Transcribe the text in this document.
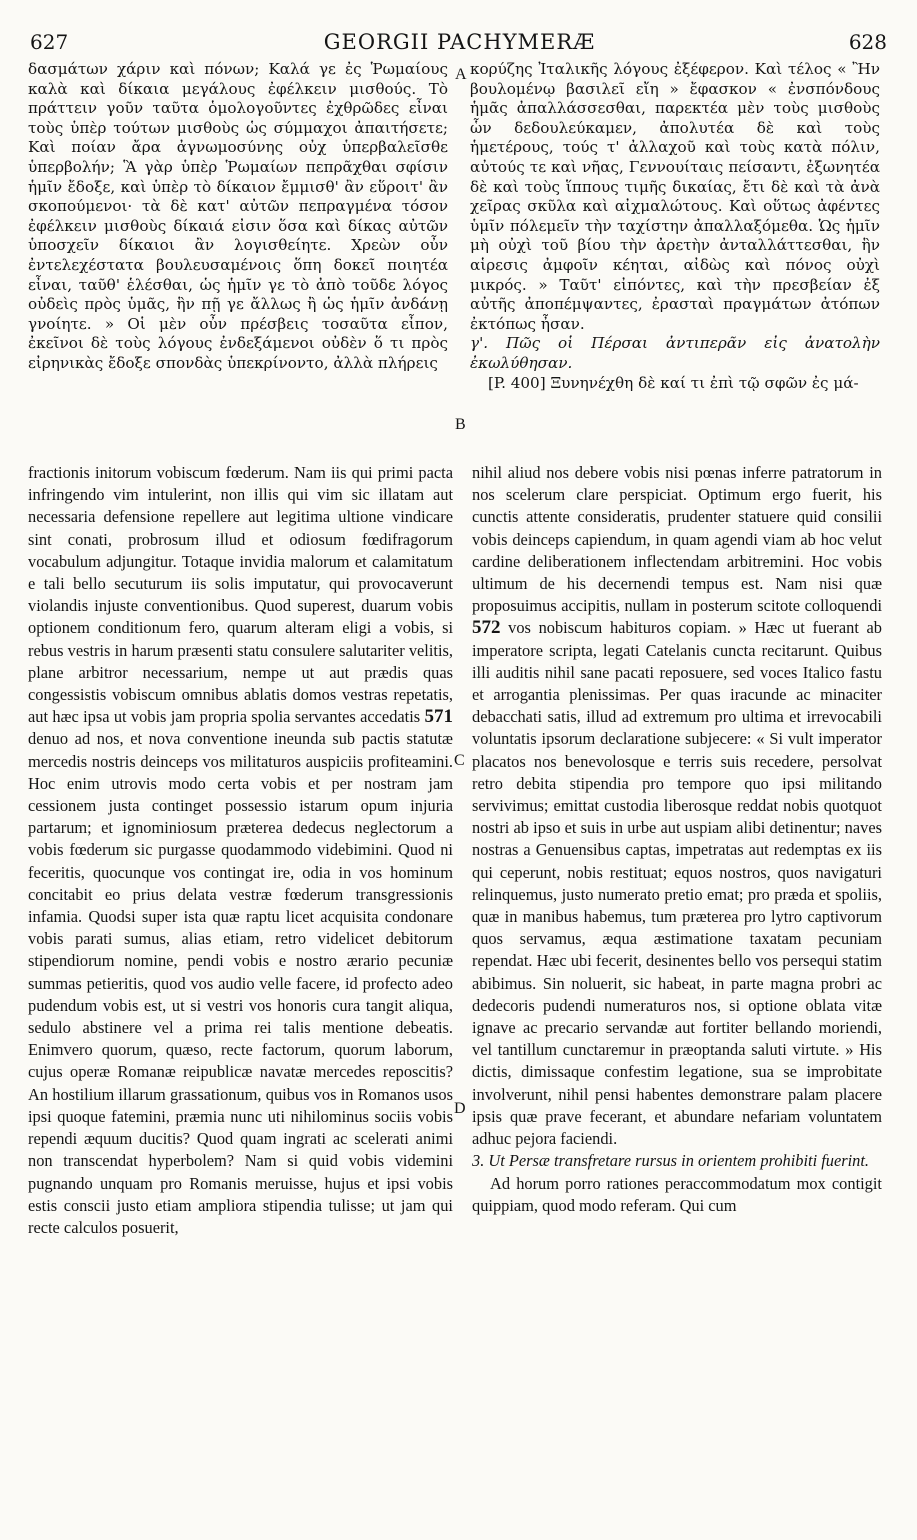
627	GEORGII PACHYMERÆ	628

δασμάτων χάριν καὶ πόνων; Καλά γε ἐς Ῥωμαίους καλὰ καὶ δίκαια μεγάλους ἐφέλκειν μισθούς. Τὸ πράττειν γοῦν ταῦτα ὁμολογοῦντες ἐχθρῶδες εἶναι τοὺς ὑπὲρ τούτων μισθοὺς ὡς σύμμαχοι ἀπαιτήσετε; Καὶ ποίαν ἄρα ἀγνωμοσύνης οὐχ ὑπερβαλεῖσθε ὑπερβολήν; Ἃ γὰρ ὑπὲρ Ῥωμαίων πεπρᾶχθαι σφίσιν ἡμῖν ἔδοξε, καὶ ὑπὲρ τὸ δίκαιον ἔμμισθ' ἂν εὕροιτ' ἂν σκοπούμενοι· τὰ δὲ κατ' αὐτῶν πεπραγμένα τόσον ἐφέλκειν μισθοὺς δίκαιά εἰσιν ὅσα καὶ δίκας αὐτῶν ὑποσχεῖν δίκαιοι ἂν λογισθείητε. Χρεὼν οὖν ἐντελεχέστατα βουλευσαμένοις ὅπη δοκεῖ ποιητέα εἶναι, ταῦθ' ἑλέσθαι, ὡς ἡμῖν γε τὸ ἀπὸ τοῦδε λόγος οὐδεὶς πρὸς ὑμᾶς, ἣν πῇ γε ἄλλως ἢ ὡς ἡμῖν ἀνδάνῃ γνοίητε. » Οἱ μὲν οὖν πρέσβεις τοσαῦτα εἶπον, ἐκεῖνοι δὲ τοὺς λόγους ἐνδεξάμενοι οὐδὲν ὅ τι πρὸς εἰρηνικὰς ἔδοξε σπονδὰς ὑπεκρίνοντο, ἀλλὰ πλήρεις

κορύζης Ἰταλικῆς λόγους ἐξέφερον. Καὶ τέλος « Ἢν βουλομένῳ βασιλεῖ εἴη » ἔφασκον « ἐνσπόνδους ἡμᾶς ἀπαλλάσσεσθαι, παρεκτέα μὲν τοὺς μισθοὺς ὧν δεδουλεύκαμεν, ἀπολυτέα δὲ καὶ τοὺς ἡμετέρους, τούς τ' ἀλλαχοῦ καὶ τοὺς κατὰ πόλιν, αὐτούς τε καὶ νῆας, Γεννουίταις πείσαντι, ἐξωνητέα δὲ καὶ τοὺς ἵππους τιμῆς δικαίας, ἔτι δὲ καὶ τὰ ἀνὰ χεῖρας σκῦλα καὶ αἰχμαλώτους. Καὶ οὕτως ἀφέντες ὑμῖν πόλεμεῖν τὴν ταχίστην ἀπαλλαξόμεθα. Ὡς ἡμῖν μὴ οὐχὶ τοῦ βίου τὴν ἀρετὴν ἀνταλλάττεσθαι, ἣν αἱρεσις ἀμφοῖν κέηται, αἰδὼς καὶ πόνος οὐχὶ μικρός. » Ταῦτ' εἰπόντες, καὶ τὴν πρεσβείαν ἐξ αὐτῆς ἀποπέμψαντες, ἐρασταὶ πραγμάτων ἀτόπων ἐκτόπως ἦσαν.

γ'. Πῶς οἱ Πέρσαι ἀντιπερᾶν εἰς ἀνατολὴν ἐκωλύθησαν.

[P. 400] Ξυνηνέχθη δὲ καί τι ἐπὶ τῷ σφῶν ἐς μά-

A
B
C
D

fractionis initorum vobiscum fœderum. Nam iis qui primi pacta infringendo vim intulerint, non illis qui vim sic illatam aut necessaria defensione repellere aut legitima ultione vindicare sint conati, probrosum illud et odiosum fœdifragorum vocabulum adjungitur. Totaque invidia malorum et calamitatum e tali bello secuturum iis solis imputatur, qui provocaverunt violandis injuste conventionibus. Quod superest, duarum vobis optionem conditionum fero, quarum alteram eligi a vobis, si rebus vestris in harum præsenti statu consulere salutariter velitis, plane arbitror necessarium, nempe ut aut prædis quas congessistis vobiscum omnibus ablatis domos vestras repetatis, aut hæc ipsa ut vobis jam propria spolia servantes accedatis 571 denuo ad nos, et nova conventione ineunda sub pactis statutæ mercedis nostris deinceps vos militaturos auspiciis profiteamini. Hoc enim utrovis modo certa vobis et per nostram jam cessionem justa continget possessio istarum opum injuria partarum; et ignominiosum præterea dedecus neglectorum a vobis fœderum sic purgasse quodammodo videbimini. Quod ni feceritis, quocunque vos contingat ire, odia in vos hominum concitabit eo prius delata vestræ fœderum transgressionis infamia. Quodsi super ista quæ raptu licet acquisita condonare vobis parati sumus, alias etiam, retro videlicet debitorum stipendiorum nomine, pendi vobis e nostro ærario pecuniæ summas petieritis, quod vos audio velle facere, id profecto adeo pudendum vobis est, ut si vestri vos honoris cura tangit aliqua, sedulo abstinere vel a prima rei talis mentione debeatis. Enimvero quorum, quæso, recte factorum, quorum laborum, cujus operæ Romanæ reipublicæ navatæ mercedes reposcitis? An hostilium illarum grassationum, quibus vos in Romanos usos ipsi quoque fatemini, præmia nunc uti nihilominus sociis vobis rependi æquum ducitis? Quod quam ingrati ac scelerati animi non transcendat hyperbolem? Nam si quid vobis videmini pugnando unquam pro Romanis meruisse, hujus et ipsi vobis estis conscii justo etiam ampliora stipendia tulisse; ut jam qui recte calculos posuerit,

nihil aliud nos debere vobis nisi pœnas inferre patratorum in nos scelerum clare perspiciat. Optimum ergo fuerit, his cunctis attente consideratis, prudenter statuere quid consilii vobis deinceps capiendum, in quam agendi viam ab hoc velut cardine deliberationem inflectendam arbitremini. Hoc vobis ultimum de his decernendi tempus est. Nam nisi quæ proposuimus accipitis, nullam in posterum scitote colloquendi 572 vos nobiscum habituros copiam. » Hæc ut fuerant ab imperatore scripta, legati Catelanis cuncta recitarunt. Quibus illi auditis nihil sane pacati reposuere, sed voces Italico fastu et arrogantia plenissimas. Per quas iracunde ac minaciter debacchati satis, illud ad extremum pro ultima et irrevocabili voluntatis ipsorum declaratione subjecere: « Si vult imperator placatos nos benevolosque e terris suis recedere, persolvat retro debita stipendia pro tempore quo ipsi militando servivimus; emittat custodia liberosque reddat nobis quotquot nostri ab ipso et suis in urbe aut uspiam alibi detinentur; naves nostras a Genuensibus captas, impetratas aut redemptas ex iis qui ceperunt, nobis restituat; equos nostros, quos navigaturi relinquemus, justo numerato pretio emat; pro præda et spoliis, quæ in manibus habemus, tum præterea pro lytro captivorum quos servamus, æqua æstimatione taxatam pecuniam rependat. Hæc ubi fecerit, desinentes bello vos persequi statim abibimus. Sin noluerit, sic habeat, in parte magna probri ac dedecoris pudendi numeraturos nos, si optione oblata vitæ ignave ac precario servandæ aut fortiter bellando moriendi, vel tantillum cunctaremur in præoptanda saluti virtute. » His dictis, dimissaque confestim legatione, sua se improbitate involverunt, nihil pensi habentes demonstrare palam placere ipsis quæ prave fecerant, et abundare nefariam voluntatem adhuc pejora faciendi.

3. Ut Persæ transfretare rursus in orientem prohibiti fuerint.

Ad horum porro rationes peraccommodatum mox contigit quippiam, quod modo referam. Qui cum
